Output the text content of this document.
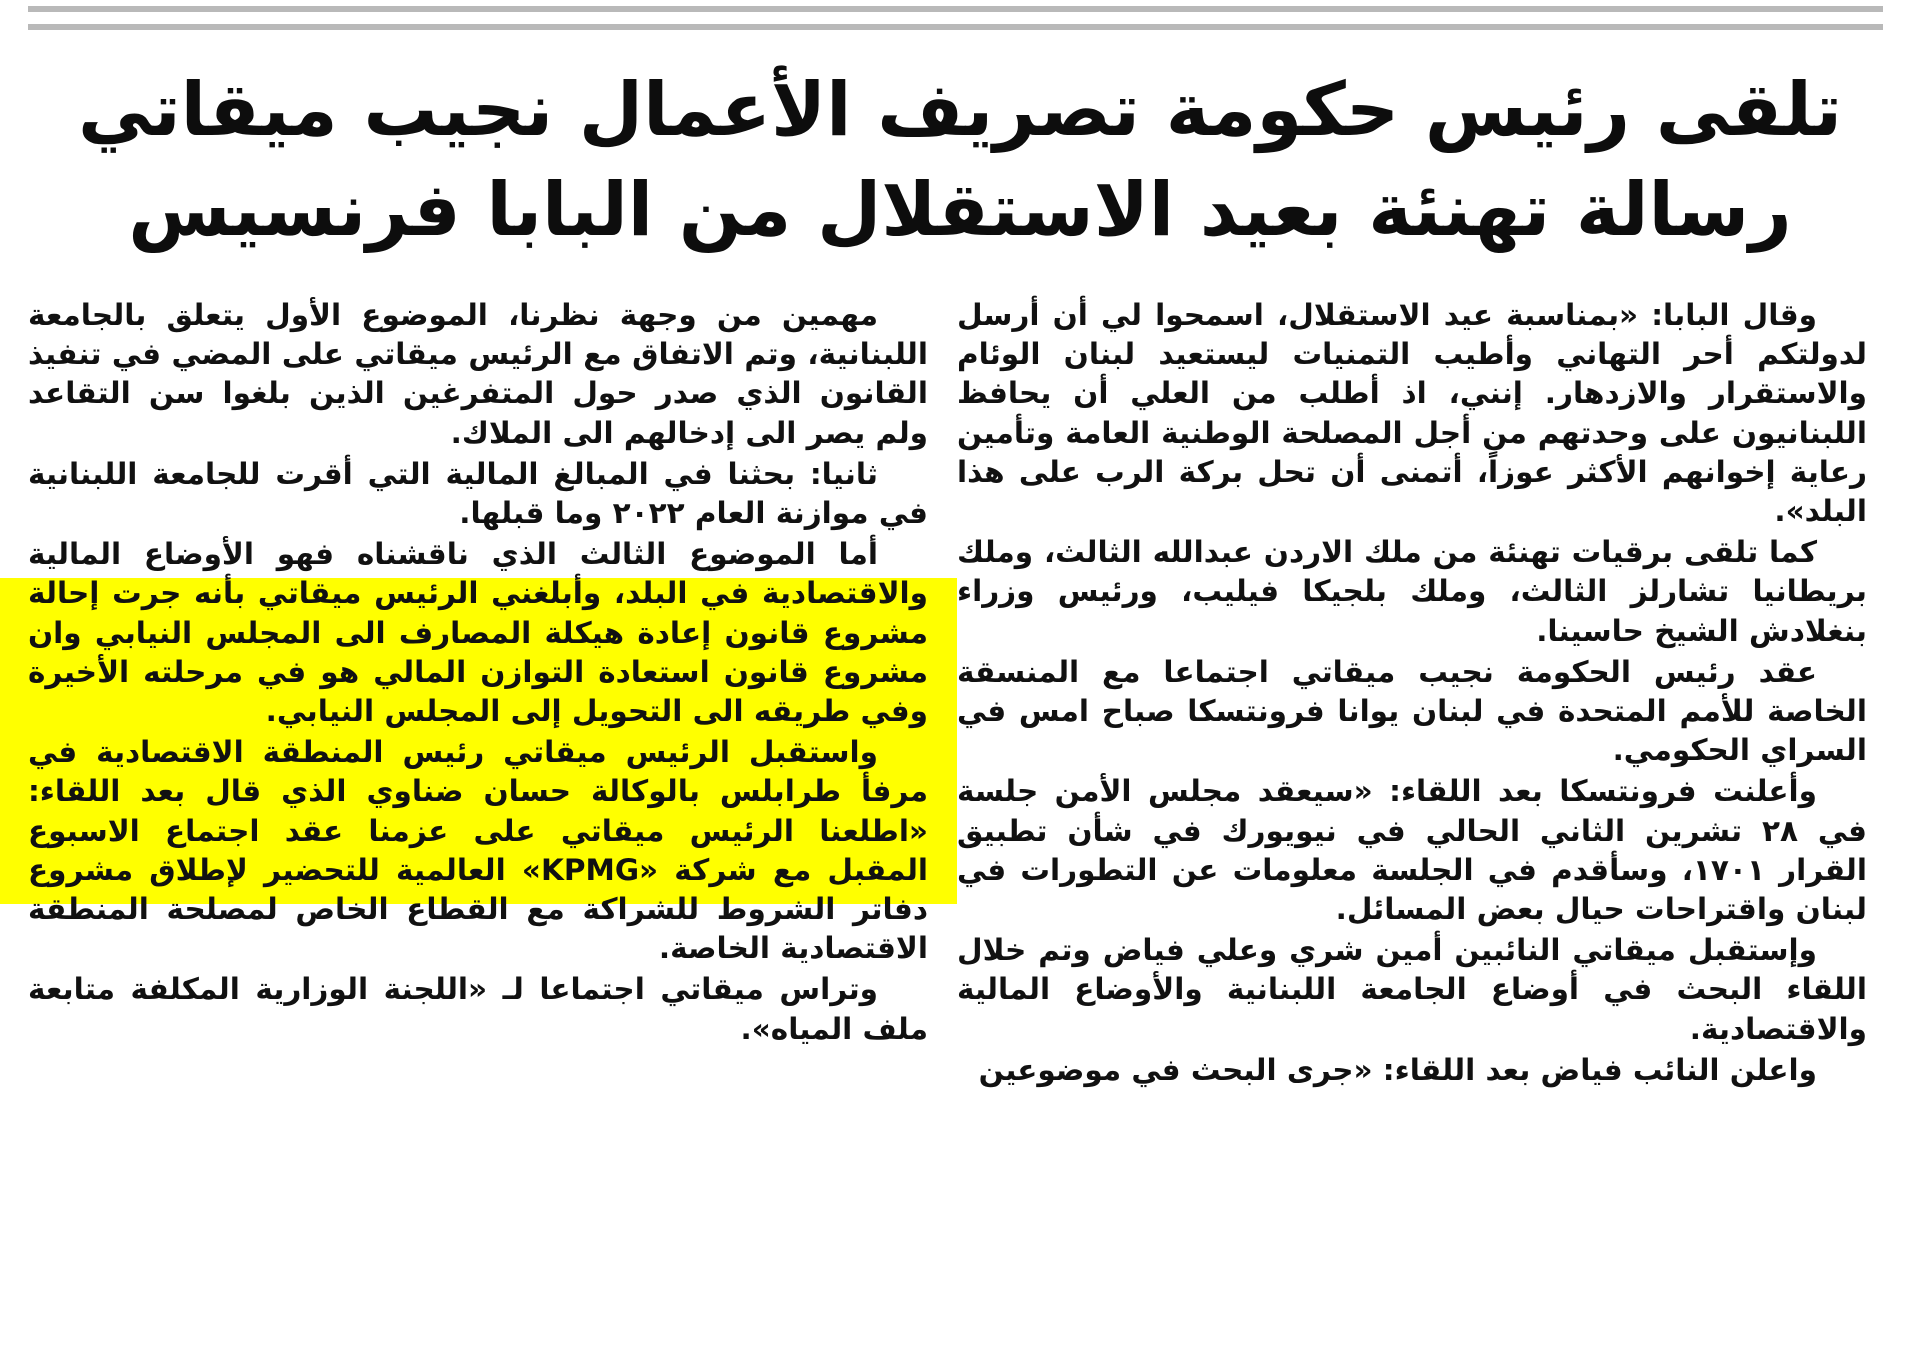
تلقى رئيس حكومة تصريف الأعمال نجيب ميقاتي
رسالة تهنئة بعيد الاستقلال من البابا فرنسيس

وقال البابا: «بمناسبة عيد الاستقلال، اسمحوا لي أن أرسل لدولتكم أحر التهاني وأطيب التمنيات ليستعيد لبنان الوئام والاستقرار والازدهار. إنني، اذ أطلب من العلي أن يحافظ اللبنانيون على وحدتهم من أجل المصلحة الوطنية العامة وتأمين رعاية إخوانهم الأكثر عوزاً، أتمنى أن تحل بركة الرب على هذا البلد».

كما تلقى برقيات تهنئة من ملك الاردن عبدالله الثالث، وملك بريطانيا تشارلز الثالث، وملك بلجيكا فيليب، ورئيس وزراء بنغلادش الشيخ حاسينا.

عقد رئيس الحكومة نجيب ميقاتي اجتماعا مع المنسقة الخاصة للأمم المتحدة في لبنان يوانا فرونتسكا صباح امس في السراي الحكومي.

وأعلنت فرونتسكا بعد اللقاء: «سيعقد مجلس الأمن جلسة في ٢٨ تشرين الثاني الحالي في نيويورك في شأن تطبيق القرار ١٧٠١، وسأقدم في الجلسة معلومات عن التطورات في لبنان واقتراحات حيال بعض المسائل.

وإستقبل ميقاتي النائبين أمين شري وعلي فياض وتم خلال اللقاء البحث في أوضاع الجامعة اللبنانية والأوضاع المالية والاقتصادية.

واعلن النائب فياض بعد اللقاء: «جرى البحث في موضوعين

مهمين من وجهة نظرنا، الموضوع الأول يتعلق بالجامعة اللبنانية، وتم الاتفاق مع الرئيس ميقاتي على المضي في تنفيذ القانون الذي صدر حول المتفرغين الذين بلغوا سن التقاعد ولم يصر الى إدخالهم الى الملاك.

ثانيا: بحثنا في المبالغ المالية التي أقرت للجامعة اللبنانية في موازنة العام ٢٠٢٢ وما قبلها.

أما الموضوع الثالث الذي ناقشناه فهو الأوضاع المالية والاقتصادية في البلد، وأبلغني الرئيس ميقاتي بأنه جرت إحالة مشروع قانون إعادة هيكلة المصارف الى المجلس النيابي وان مشروع قانون استعادة التوازن المالي هو في مرحلته الأخيرة وفي طريقه الى التحويل إلى المجلس النيابي.

واستقبل الرئيس ميقاتي رئيس المنطقة الاقتصادية في مرفأ طرابلس بالوكالة حسان ضناوي الذي قال بعد اللقاء: «اطلعنا الرئيس ميقاتي على عزمنا عقد اجتماع الاسبوع المقبل مع شركة «KPMG» العالمية للتحضير لإطلاق مشروع دفاتر الشروط للشراكة مع القطاع الخاص لمصلحة المنطقة الاقتصادية الخاصة.

وتراس ميقاتي اجتماعا لـ «اللجنة الوزارية المكلفة متابعة ملف المياه».
